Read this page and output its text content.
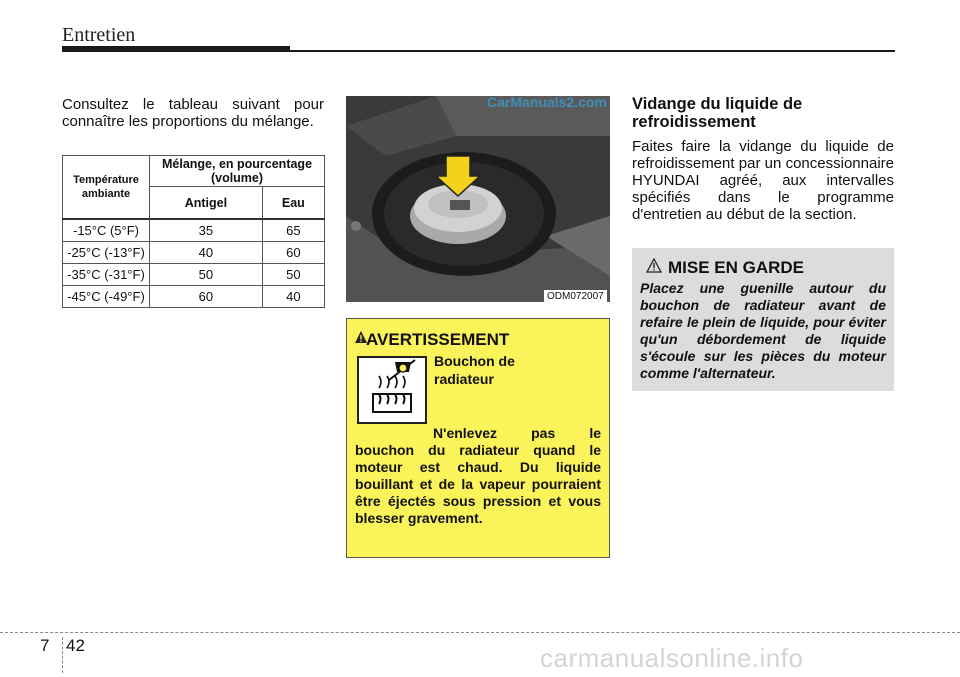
Entretien
Consultez le tableau suivant pour connaître les proportions du mélange.
Température
ambiante	Mélange, en pourcentage
(volume)	
	Antigel	Eau
-15°C (5°F)	35	65
-25°C (-13°F)	40	60
-35°C (-31°F)	50	50
-45°C (-49°F)	60	40
CarManuals2.com
ODM072007
AVERTISSEMENT
Bouchon de
radiateur
N'enlevez pas le bouchon du radiateur quand le moteur est chaud. Du liquide bouillant et de la vapeur pourraient être éjectés sous pression et vous blesser gravement.
Vidange du liquide de
refroidissement
Faites faire la vidange du liquide de refroidissement par un concessionnaire HYUNDAI agréé, aux intervalles spécifiés dans le programme d'entretien au début de la section.
MISE EN GARDE
Placez une guenille autour du bouchon de radiateur avant de refaire le plein de liquide, pour éviter qu'un débordement de liquide s'écoule sur les pièces du moteur comme l'alternateur.
7 42	carmanualsonline.info
